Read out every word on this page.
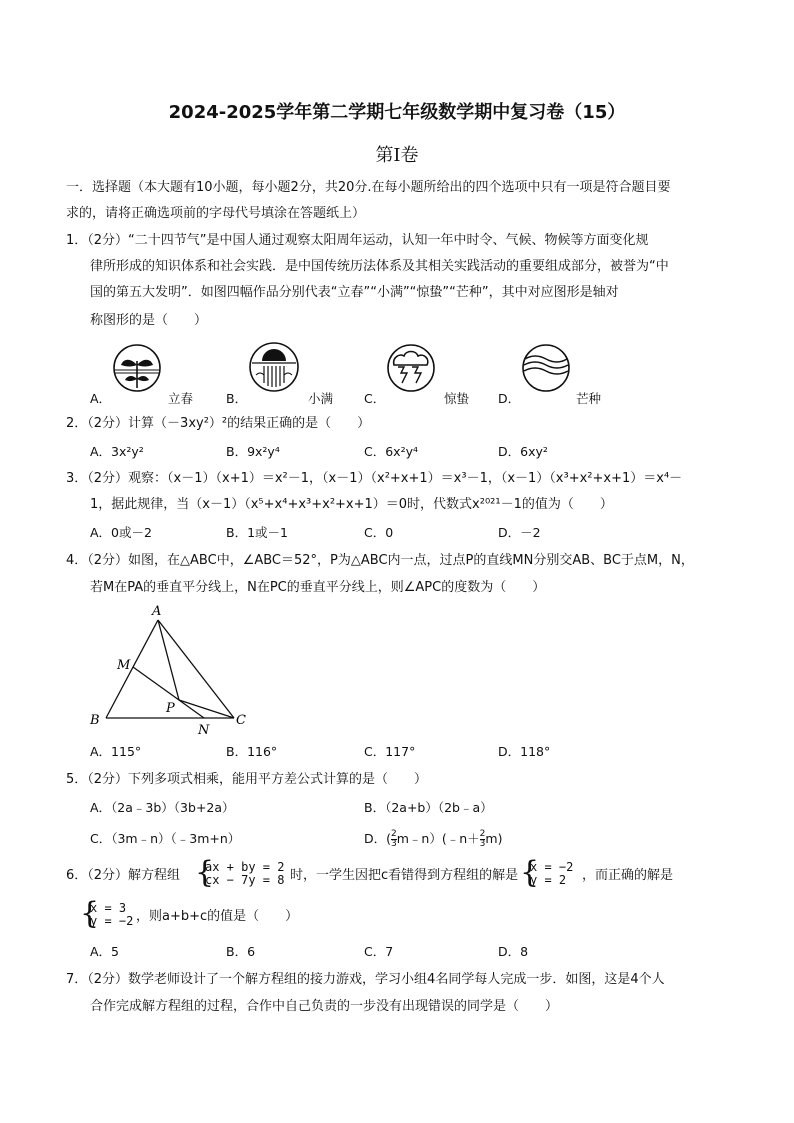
2024-2025学年第二学期七年级数学期中复习卷（15）
第Ⅰ卷
一．选择题（本大题有10小题，每小题2分，共20分.在每小题所给出的四个选项中只有一项是符合题目要
求的，请将正确选项前的字母代号填涂在答题纸上）
1．（2分）“二十四节气”是中国人通过观察太阳周年运动，认知一年中时令、气候、物候等方面变化规
律所形成的知识体系和社会实践．是中国传统历法体系及其相关实践活动的重要组成部分，被誉为“中
国的第五大发明”．如图四幅作品分别代表“立春”“小满”“惊蛰”“芒种”，其中对应图形是轴对
称图形的是（　　）
A．	立春	B．	小满 C．	惊蛰 D．	芒种
2．（2分）计算（－3xy²）²的结果正确的是（　　）
A．3x²y²	B．9x²y⁴	C．6x²y⁴	D．6xy²
3．（2分）观察：（x－1）（x+1）＝x²－1，（x－1）（x²+x+1）＝x³－1，（x－1）（x³+x²+x+1）＝x⁴－
1，据此规律，当（x－1）（x⁵+x⁴+x³+x²+x+1）＝0时，代数式x²⁰²¹－1的值为（　　）
A．0或－2	B．1或－1	C．0	D．－2
4．（2分）如图，在△ABC中，∠ABC＝52°，P为△ABC内一点，过点P的直线MN分别交AB、BC于点M，N，
若M在PA的垂直平分线上，N在PC的垂直平分线上，则∠APC的度数为（　　）
A
B	C
M
N
P
A．115°	B．116°	C．117°	D．118°
5．（2分）下列多项式相乘，能用平方差公式计算的是（　　）
A．（2a﹣3b）（3b+2a）	B．（2a+b）（2b﹣a）
C．（3m﹣n）（﹣3m+n）	D．( $\frac{2}{3}$ m﹣n）(﹣n＋ $\frac{2}{3} m$)
6．（2分）解方程组 {
ax + by = 2
cx − 7y = 8 时，一学生因把c看错得到方程组的解是 {
x = −2
y = 2	，而正确的解是
{
x = 3
y = −2 ，则a+b+c的值是（　　）
A．5	B．6	C．7	D．8
7．（2分）数学老师设计了一个解方程组的接力游戏，学习小组4名同学每人完成一步．如图，这是4个人
合作完成解方程组的过程，合作中自己负责的一步没有出现错误的同学是（　　）
